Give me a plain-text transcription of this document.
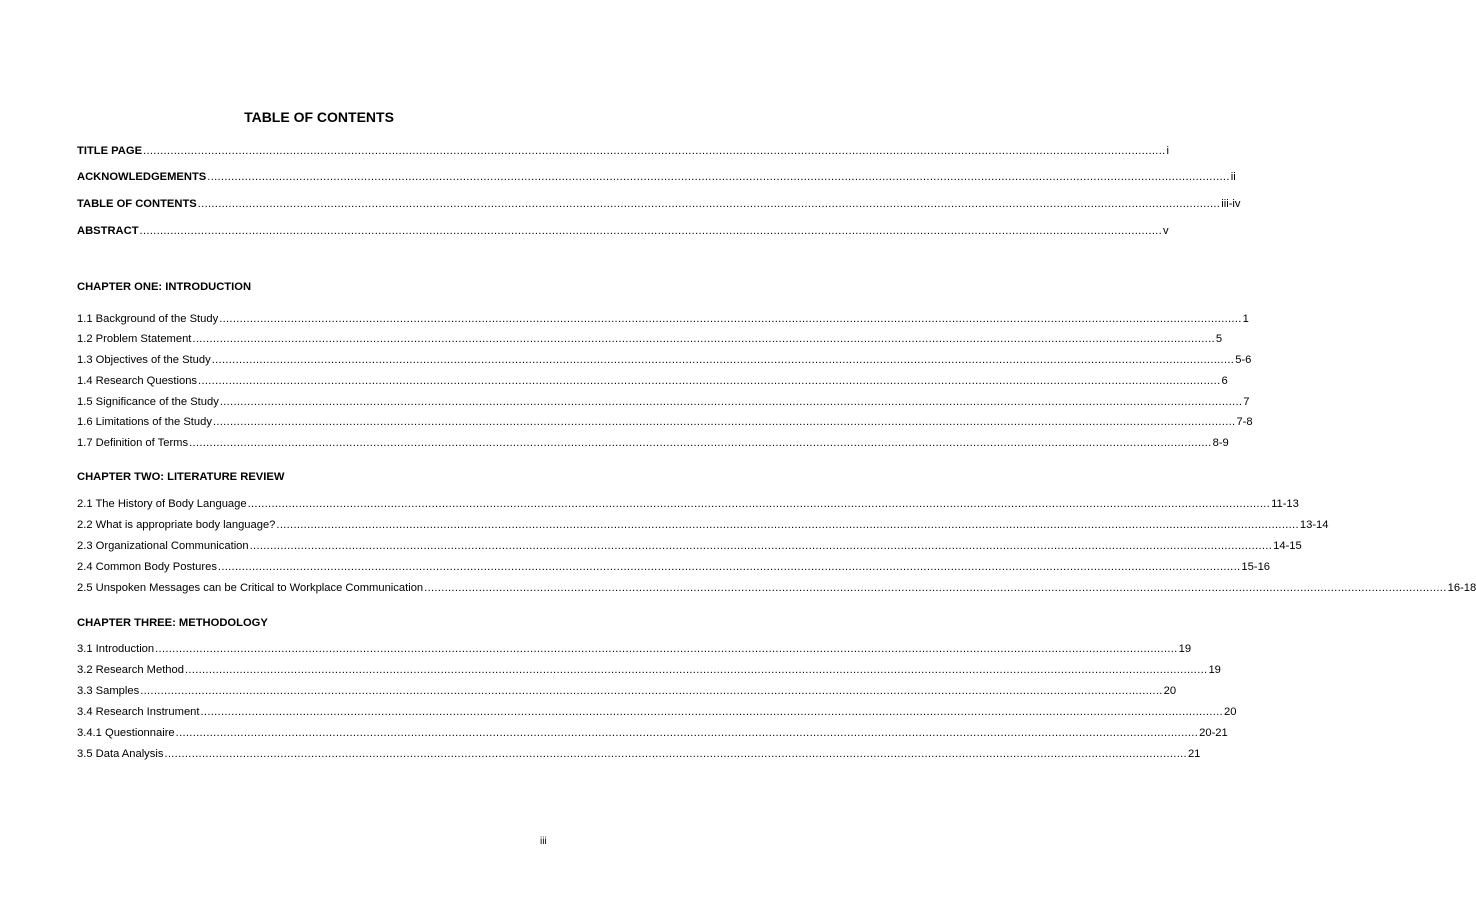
TABLE OF CONTENTS
TITLE PAGE ............................................................................................................................................................................................................................................................................................................ i
ACKNOWLEDGEMENTS ............................................................................................................................................................................................................................................................................................................ ii
TABLE OF CONTENTS ............................................................................................................................................................................................................................................................................................................ iii-iv
ABSTRACT ............................................................................................................................................................................................................................................................................................................ v
CHAPTER ONE: INTRODUCTION
1.1 Background of the Study ............................................................................................................................................................................................................................................................................................................ 1
1.2 Problem Statement ............................................................................................................................................................................................................................................................................................................ 5
1.3 Objectives of the Study ............................................................................................................................................................................................................................................................................................................ 5-6
1.4 Research Questions ............................................................................................................................................................................................................................................................................................................ 6
1.5 Significance of the Study ............................................................................................................................................................................................................................................................................................................ 7
1.6 Limitations of the Study ............................................................................................................................................................................................................................................................................................................ 7-8
1.7 Definition of Terms ............................................................................................................................................................................................................................................................................................................ 8-9
CHAPTER TWO: LITERATURE REVIEW
2.1 The History of Body Language ............................................................................................................................................................................................................................................................................................................ 11-13
2.2 What is appropriate body language? ............................................................................................................................................................................................................................................................................................................ 13-14
2.3 Organizational Communication ............................................................................................................................................................................................................................................................................................................ 14-15
2.4 Common Body Postures ............................................................................................................................................................................................................................................................................................................ 15-16
2.5 Unspoken Messages can be Critical to Workplace Communication ............................................................................................................................................................................................................................................................................................................ 16-18
CHAPTER THREE: METHODOLOGY
3.1 Introduction ............................................................................................................................................................................................................................................................................................................ 19
3.2 Research Method ............................................................................................................................................................................................................................................................................................................ 19
3.3 Samples ............................................................................................................................................................................................................................................................................................................ 20
3.4 Research Instrument ............................................................................................................................................................................................................................................................................................................ 20
3.4.1 Questionnaire ............................................................................................................................................................................................................................................................................................................ 20-21
3.5 Data Analysis ............................................................................................................................................................................................................................................................................................................ 21
iii
